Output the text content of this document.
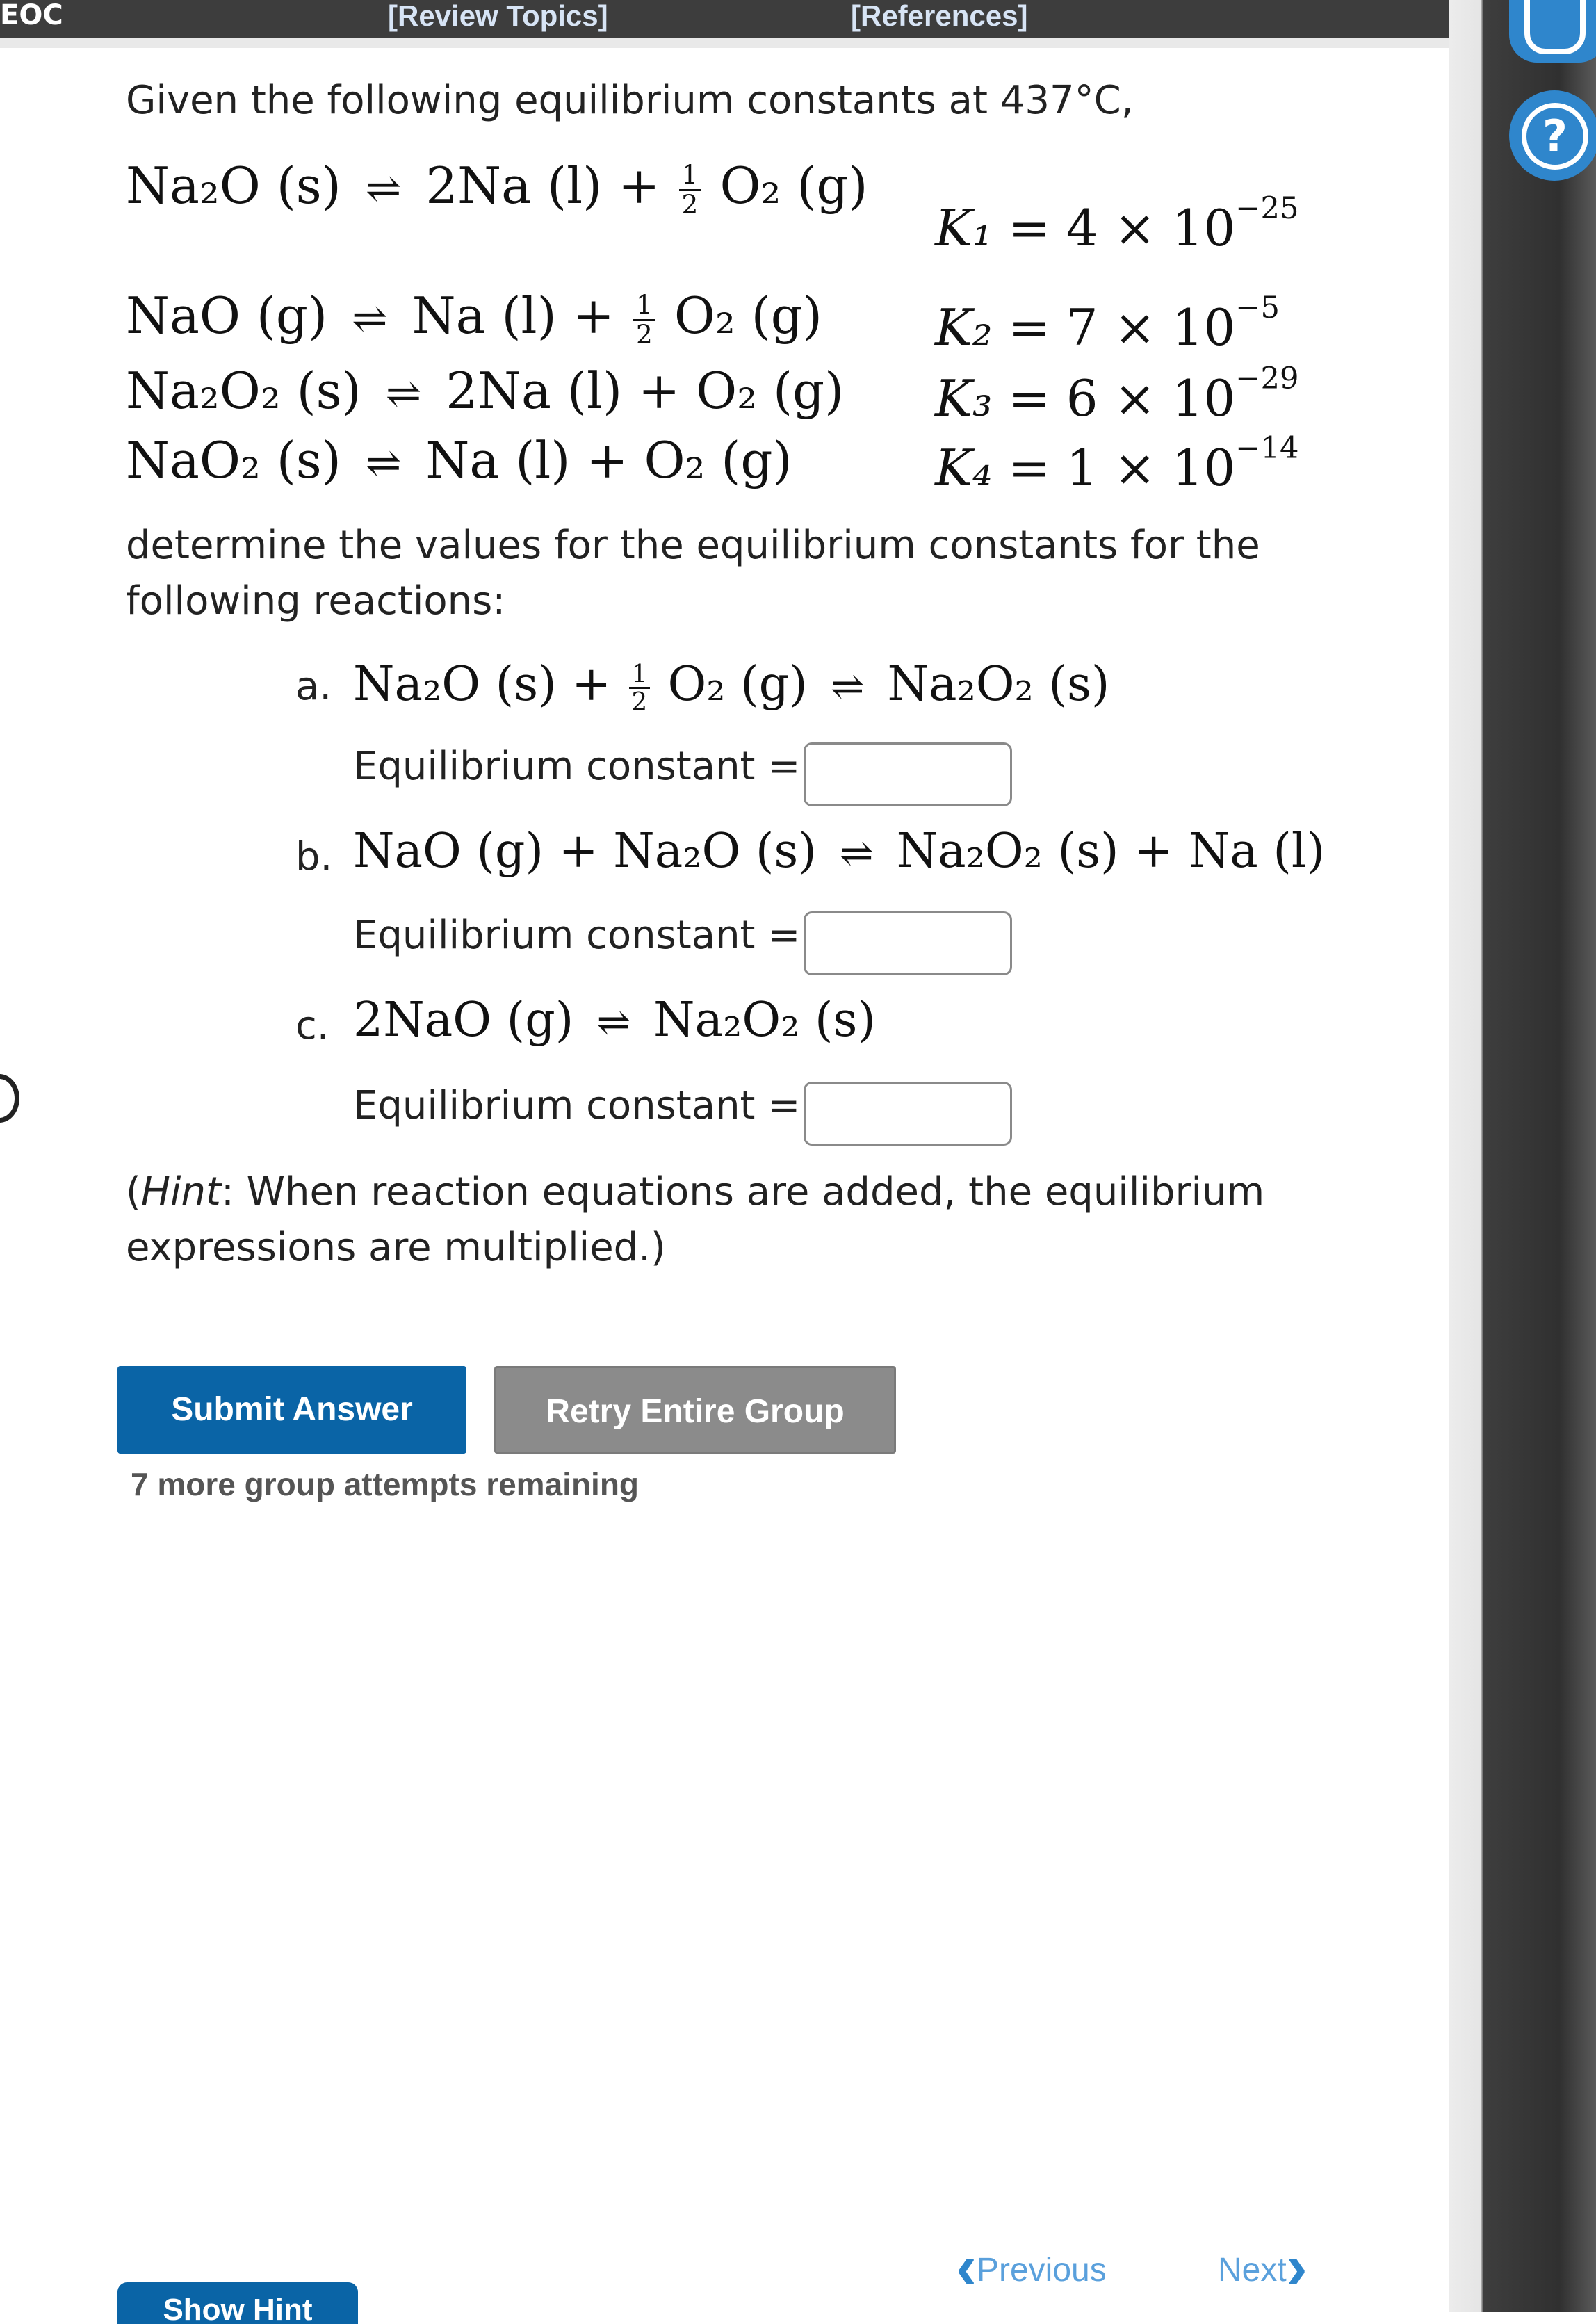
EOC	[Review Topics]	[References]
?
Given the following equilibrium constants at 437°C,
Na₂O (s) ⇌ 2Na $(l) + \frac{1}{2} O_2$ (g)
$K_1 = 4 \times 10^{-25}$
NaO (g) ⇌ Na $(l) + \frac{1}{2} O_2$ (g) $K_2 = 7 \times 10^{-5}$
Na₂O₂ (s) ⇌ 2Na (l) + O₂ (g) $K_3 = 6 \times 10^{-29}$
NaO₂ (s) ⇌ Na (l) + O₂ (g)	$K_4 = 1 \times 10^{-14}$
determine the values for the equilibrium constants for the
following reactions:
a. Na₂O $(s) + \frac{1}{2} O_2$ (g) ⇌ Na₂O₂ (s)
Equilibrium constant =
b. NaO (g) + Na₂O (s) ⇌ Na₂O₂ (s) + Na (l)
Equilibrium constant =
c. 2NaO (g) ⇌ Na₂O₂ (s)
Equilibrium constant =
(Hint: When reaction equations are added, the equilibrium
expressions are multiplied.)
Submit Answer	Retry Entire Group
7 more group attempts remaining
‹Previous	Next›
Show Hint
